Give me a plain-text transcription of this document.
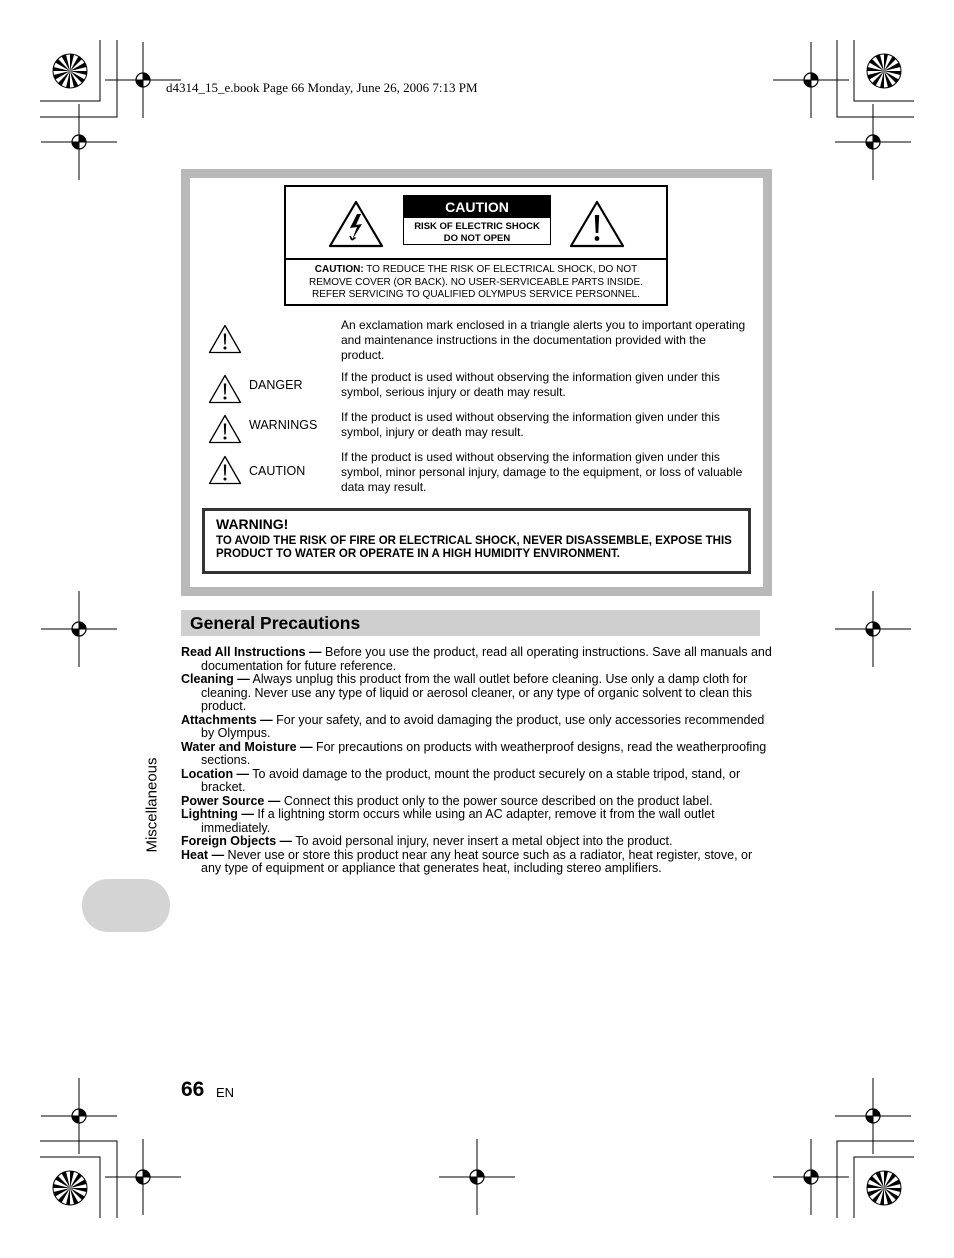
d4314_15_e.book Page 66 Monday, June 26, 2006 7:13 PM
CAUTION
RISK OF ELECTRIC SHOCK
DO NOT OPEN
CAUTION: TO REDUCE THE RISK OF ELECTRICAL SHOCK, DO NOT REMOVE COVER (OR BACK). NO USER-SERVICEABLE PARTS INSIDE. REFER SERVICING TO QUALIFIED OLYMPUS SERVICE PERSONNEL.
An exclamation mark enclosed in a triangle alerts you to important operating and maintenance instructions in the documentation provided with the product.
DANGER
If the product is used without observing the information given under this symbol, serious injury or death may result.
WARNINGS
If the product is used without observing the information given under this symbol, injury or death may result.
CAUTION
If the product is used without observing the information given under this symbol, minor personal injury, damage to the equipment, or loss of valuable data may result.
WARNING!
TO AVOID THE RISK OF FIRE OR ELECTRICAL SHOCK, NEVER DISASSEMBLE, EXPOSE THIS PRODUCT TO WATER OR OPERATE IN A HIGH HUMIDITY ENVIRONMENT.
General Precautions
Read All Instructions — Before you use the product, read all operating instructions. Save all manuals and documentation for future reference.
Cleaning — Always unplug this product from the wall outlet before cleaning. Use only a damp cloth for cleaning. Never use any type of liquid or aerosol cleaner, or any type of organic solvent to clean this product.
Attachments — For your safety, and to avoid damaging the product, use only accessories recommended by Olympus.
Water and Moisture — For precautions on products with weatherproof designs, read the weatherproofing sections.
Location — To avoid damage to the product, mount the product securely on a stable tripod, stand, or bracket.
Power Source — Connect this product only to the power source described on the product label.
Lightning — If a lightning storm occurs while using an AC adapter, remove it from the wall outlet immediately.
Foreign Objects — To avoid personal injury, never insert a metal object into the product.
Heat — Never use or store this product near any heat source such as a radiator, heat register, stove, or any type of equipment or appliance that generates heat, including stereo amplifiers.
Miscellaneous
66 EN
